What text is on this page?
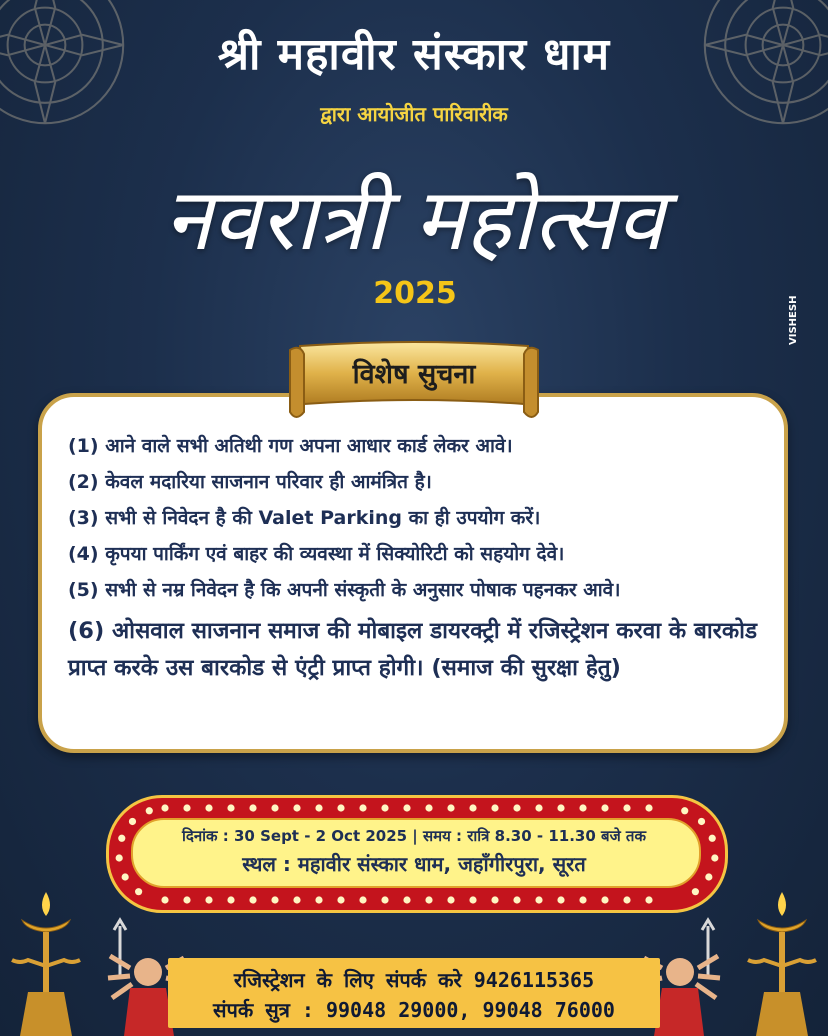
श्री महावीर संस्कार धाम
द्वारा आयोजीत पारिवारीक
नवरात्री महोत्सव
2025
VISHESH
(1) आने वाले सभी अतिथी गण अपना आधार कार्ड लेकर आवे।
(2) केवल मदारिया साजनान परिवार ही आमंत्रित है।
(3) सभी से निवेदन है की Valet Parking का ही उपयोग करें।
(4) कृपया पार्किंग एवं बाहर की व्यवस्था में सिक्योरिटी को सहयोग देवे।
(5) सभी से नम्र निवेदन है कि अपनी संस्कृती के अनुसार पोषाक पहनकर आवे।
(6) ओसवाल साजनान समाज की मोबाइल डायरक्ट्री में रजिस्ट्रेशन करवा के बारकोड प्राप्त करके उस बारकोड से एंट्री प्राप्त होगी। (समाज की सुरक्षा हेतु)
विशेष सुचना
दिनांक : 30 Sept - 2 Oct 2025 | समय : रात्रि 8.30 - 11.30 बजे तक
स्थल : महावीर संस्कार धाम, जहाँगीरपुरा, सूरत
रजिस्ट्रेशन के लिए संपर्क करे 9426115365
संपर्क सुत्र : 99048 29000, 99048 76000
